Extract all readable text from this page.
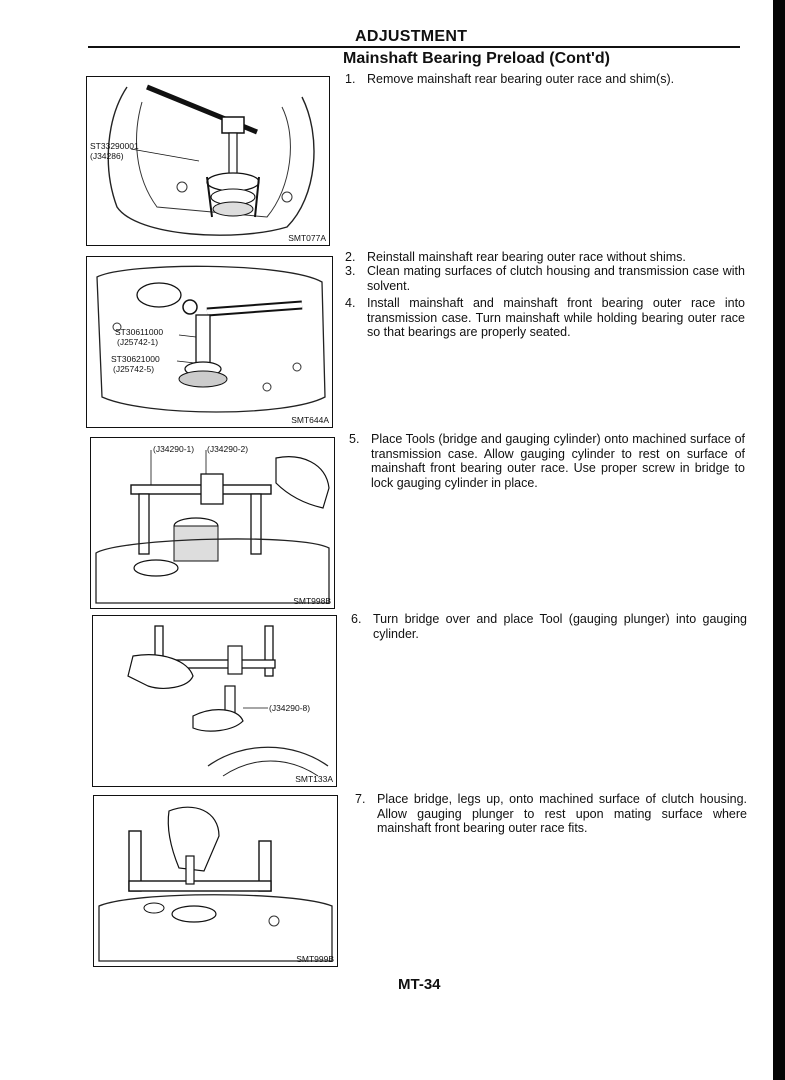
ADJUSTMENT
Mainshaft Bearing Preload (Cont'd)
ST33290001
(J34286)
SMT077A
ST30611000
(J25742-1)
ST30621000
(J25742-5)
SMT644A
(J34290-1) (J34290-2)
SMT998B
(J34290-8)
SMT133A
SMT999B
1. Remove mainshaft rear bearing outer race and shim(s).
2. Reinstall mainshaft rear bearing outer race without shims.
3. Clean mating surfaces of clutch housing and transmission case with solvent.
4. Install mainshaft and mainshaft front bearing outer race into transmission case. Turn mainshaft while holding bearing outer race so that bearings are properly seated.
5. Place Tools (bridge and gauging cylinder) onto machined surface of transmission case. Allow gauging cylinder to rest on surface of mainshaft front bearing outer race. Use proper screw in bridge to lock gauging cylinder in place.
6. Turn bridge over and place Tool (gauging plunger) into gauging cylinder.
7. Place bridge, legs up, onto machined surface of clutch housing. Allow gauging plunger to rest upon mating surface where mainshaft front bearing outer race fits.
MT-34
